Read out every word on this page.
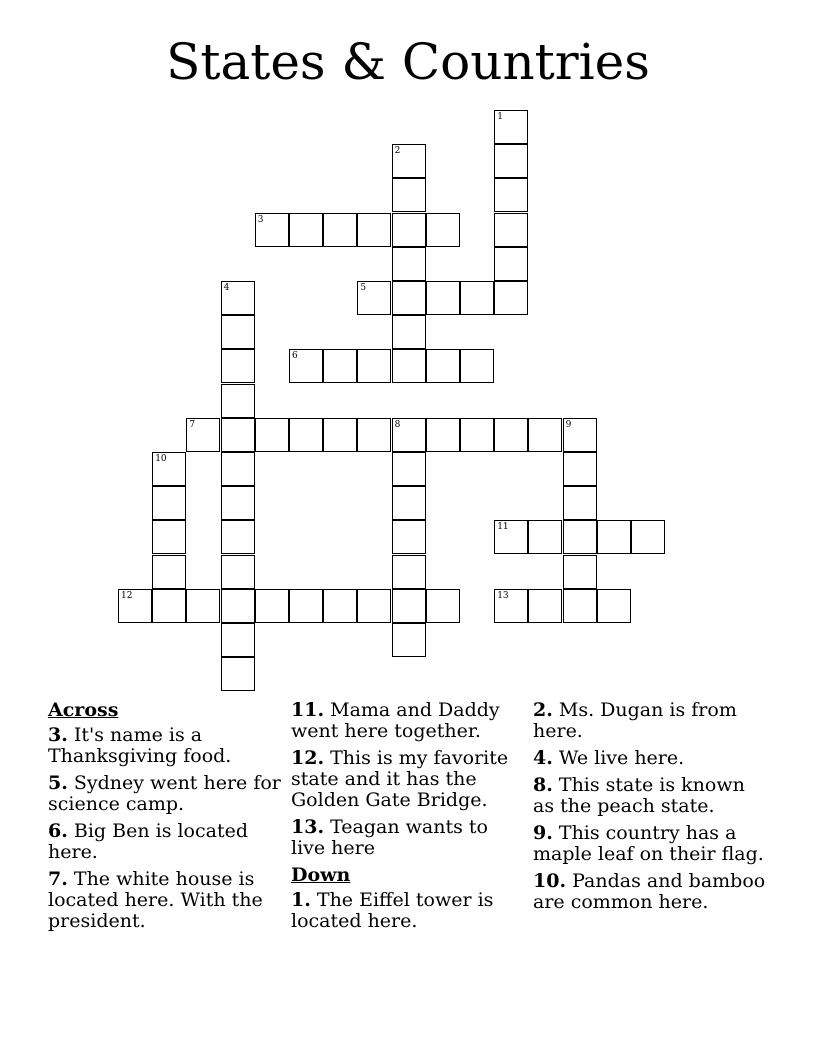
States & Countries
1
2
3
4	5
6
7	8	9
10
11
12	13
Across
3. It's name is a Thanksgiving food.
5. Sydney went here for science camp.
6. Big Ben is located here.
7. The white house is located here. With the president.
11. Mama and Daddy went here together.
12. This is my favorite state and it has the Golden Gate Bridge.
13. Teagan wants to live here
Down
1. The Eiffel tower is located here.
2. Ms. Dugan is from here.
4. We live here.
8. This state is known as the peach state.
9. This country has a maple leaf on their flag.
10. Pandas and bamboo are common here.
